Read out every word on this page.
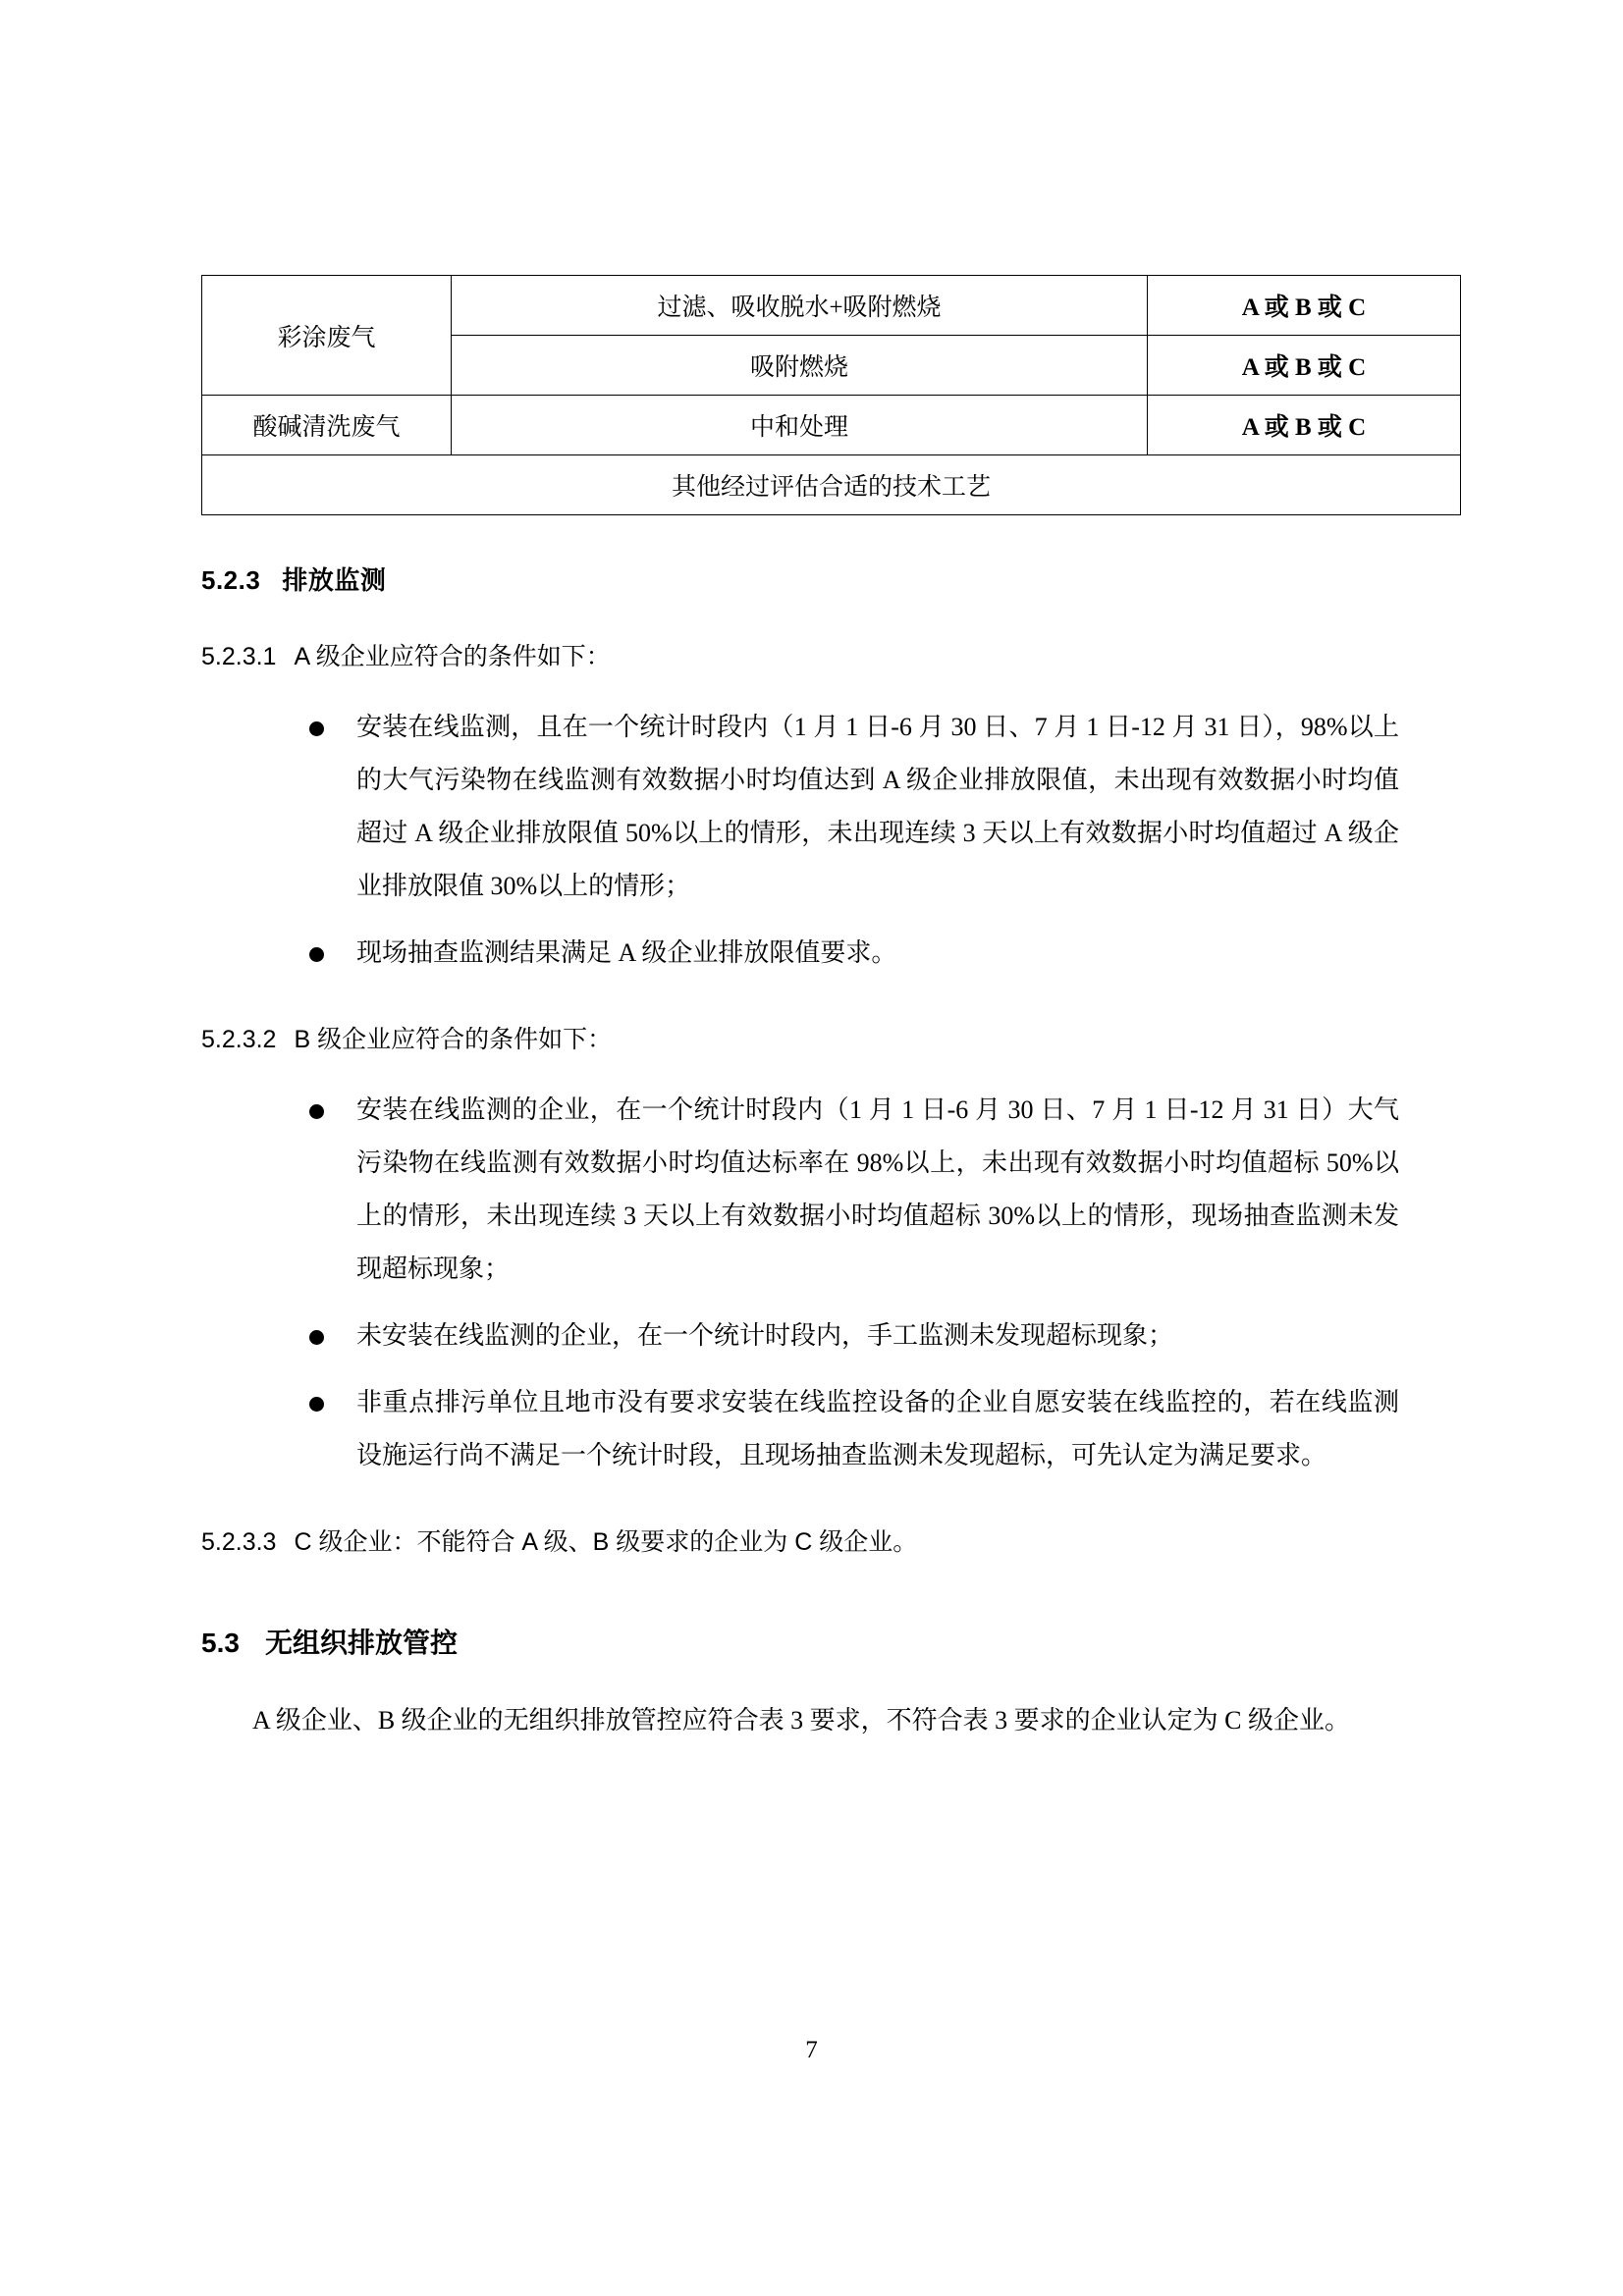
彩涂废气	过滤、吸收脱水+吸附燃烧	A 或 B 或 C
	吸附燃烧	A 或 B 或 C
酸碱清洗废气	中和处理	A 或 B 或 C
其他经过评估合适的技术工艺		
5.2.3 排放监测
5.2.3.1 A 级企业应符合的条件如下：
安装在线监测，且在一个统计时段内（1 月 1 日-6 月 30 日、7 月 1 日-12 月 31 日），98%以上的大气污染物在线监测有效数据小时均值达到 A 级企业排放限值，未出现有效数据小时均值超过 A 级企业排放限值 50%以上的情形，未出现连续 3 天以上有效数据小时均值超过 A 级企业排放限值 30%以上的情形；
现场抽查监测结果满足 A 级企业排放限值要求。
5.2.3.2 B 级企业应符合的条件如下：
安装在线监测的企业，在一个统计时段内（1 月 1 日-6 月 30 日、7 月 1 日-12 月 31 日）大气污染物在线监测有效数据小时均值达标率在 98%以上，未出现有效数据小时均值超标 50%以上的情形，未出现连续 3 天以上有效数据小时均值超标 30%以上的情形，现场抽查监测未发现超标现象；
未安装在线监测的企业，在一个统计时段内，手工监测未发现超标现象；
非重点排污单位且地市没有要求安装在线监控设备的企业自愿安装在线监控的，若在线监测设施运行尚不满足一个统计时段，且现场抽查监测未发现超标，可先认定为满足要求。
5.2.3.3 C 级企业：不能符合 A 级、B 级要求的企业为 C 级企业。
5.3 无组织排放管控
A 级企业、B 级企业的无组织排放管控应符合表 3 要求，不符合表 3 要求的企业认定为 C 级企业。
7
